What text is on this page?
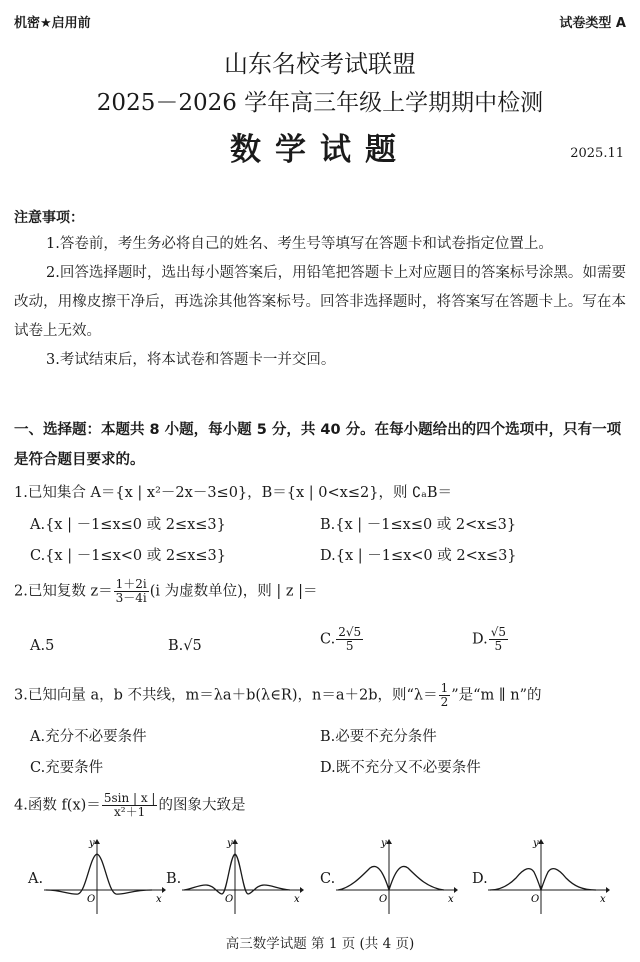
机密★启用前	试卷类型 A
山东名校考试联盟
2025－2026 学年高三年级上学期期中检测
数学试题	2025.11
注意事项：
1.答卷前，考生务必将自己的姓名、考生号等填写在答题卡和试卷指定位置上。
2.回答选择题时，选出每小题答案后，用铅笔把答题卡上对应题目的答案标号涂黑。如需要改动，用橡皮擦干净后，再选涂其他答案标号。回答非选择题时，将答案写在答题卡上。写在本试卷上无效。
3.考试结束后，将本试卷和答题卡一并交回。
一、选择题：本题共 8 小题，每小题 5 分，共 40 分。在每小题给出的四个选项中，只有一项是符合题目要求的。
1.已知集合 A＝{x | x²－2x－3≤0}，B＝{x | 0<x≤2}，则 ∁ₐB＝
A.{x | －1≤x≤0 或 2≤x≤3}	B.{x | －1≤x≤0 或 2<x≤3}
C.{x | －1≤x<0 或 2≤x≤3}	D.{x | －1≤x<0 或 2<x≤3}
2.已知复数 $z= \frac{1+2i}{3-4i} (i$ 为虚数单位)，则 | z |＝
A.5	B.√5	C. $\frac{2√5}{5}$	D. $\frac{√5}{5}$
3.已知向量 a，b 不共线，m＝λa＋b(λ∈R)，n＝a＋2b，则“$\lambda= \frac{1}{2}$ ”是“m ∥ n”的
A.充分不必要条件	B.必要不充分条件
C.充要条件	D.既不充分又不必要条件
4.函数 $f(x)= \frac{5\sin | x |}{\text{x²＋1}}$ 的图象大致是
A.
y
x
O
B.
y
x
O
C.
y
x
O
D.
y
x
O
高三数学试题 第 1 页 (共 4 页)
